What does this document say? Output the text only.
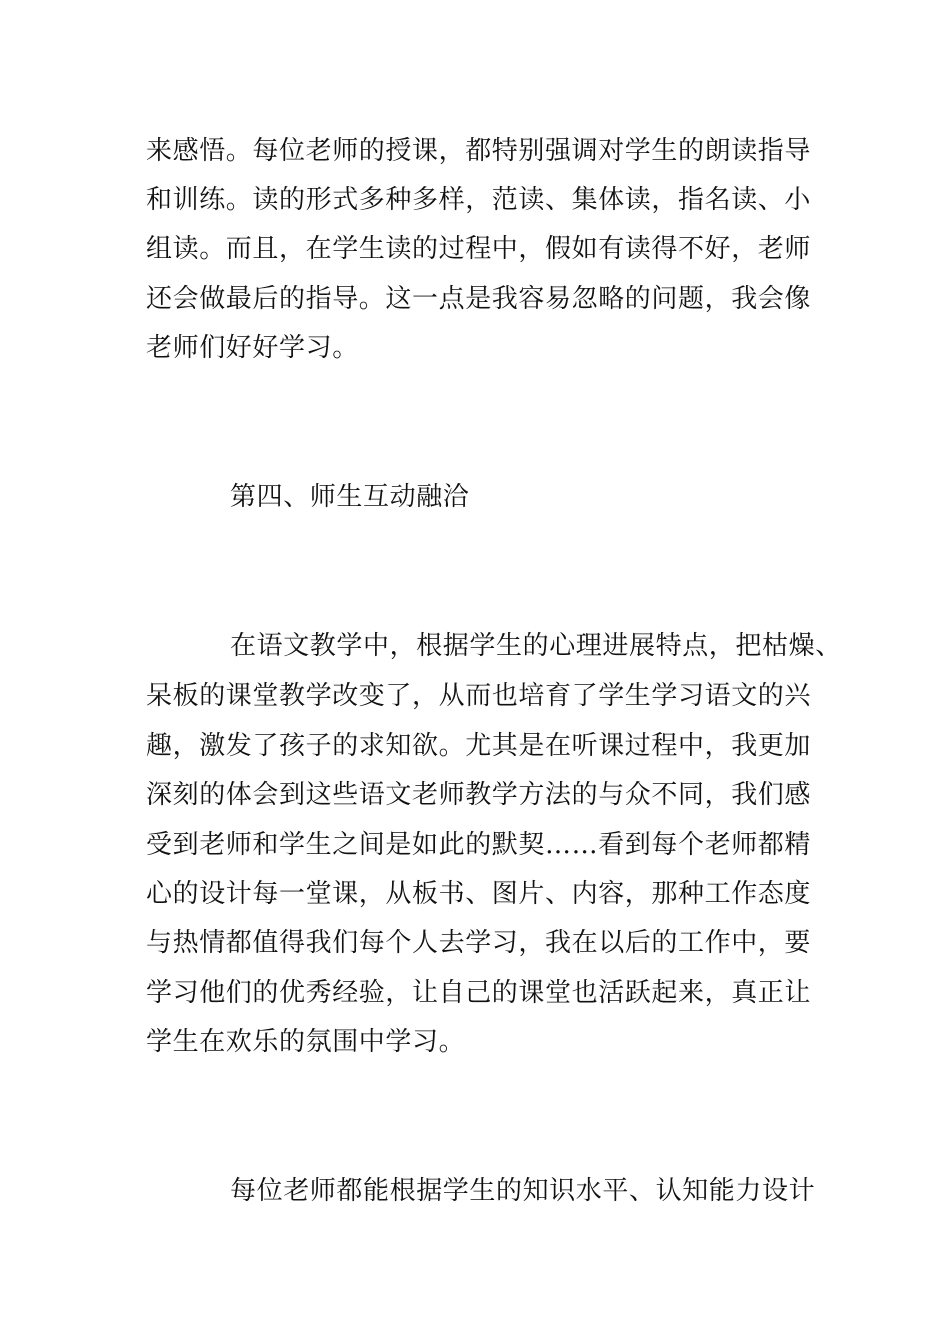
来感悟。每位老师的授课，都特别强调对学生的朗读指导
和训练。读的形式多种多样，范读、集体读，指名读、小
组读。而且，在学生读的过程中，假如有读得不好，老师
还会做最后的指导。这一点是我容易忽略的问题，我会像
老师们好好学习。
第四、师生互动融洽
在语文教学中，根据学生的心理进展特点，把枯燥、
呆板的课堂教学改变了，从而也培育了学生学习语文的兴
趣，激发了孩子的求知欲。尤其是在听课过程中，我更加
深刻的体会到这些语文老师教学方法的与众不同，我们感
受到老师和学生之间是如此的默契……看到每个老师都精
心的设计每一堂课，从板书、图片、内容，那种工作态度
与热情都值得我们每个人去学习，我在以后的工作中，要
学习他们的优秀经验，让自己的课堂也活跃起来，真正让
学生在欢乐的氛围中学习。
每位老师都能根据学生的知识水平、认知能力设计
